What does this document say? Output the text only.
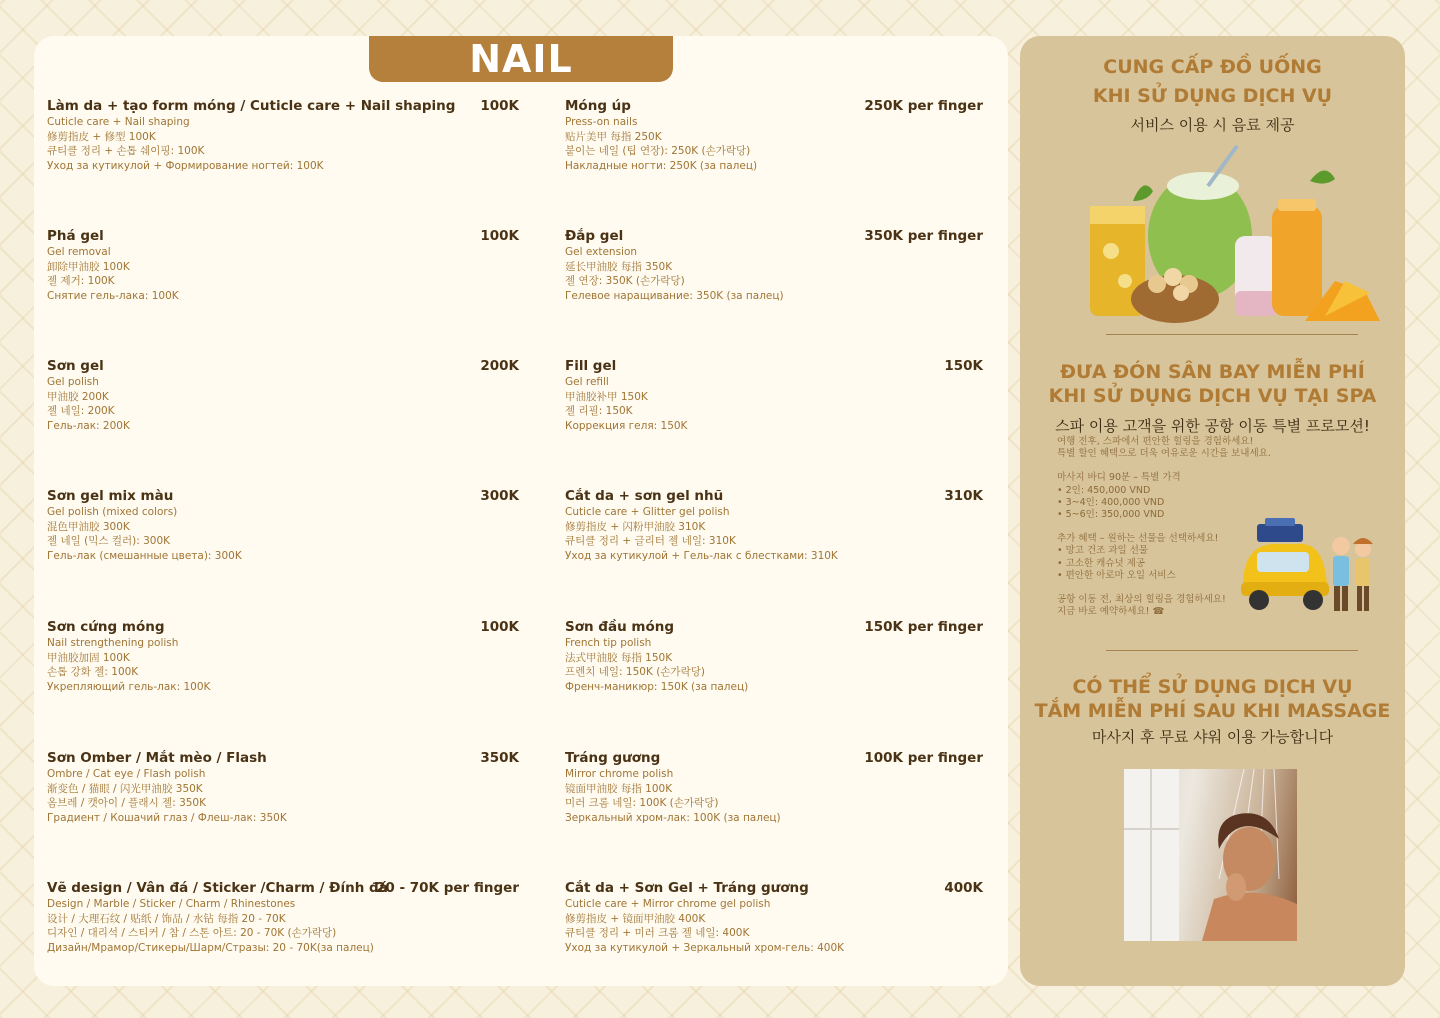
NAIL
Làm da + tạo form móng / Cuticle care + Nail shaping 100K
Cuticle care + Nail shaping
修剪指皮 + 修型 100K
큐티클 정리 + 손톱 쉐이핑: 100K
Уход за кутикулой + Формирование ногтей: 100K
Phá gel	100K
Gel removal
卸除甲油胶 100K
젤 제거: 100K
Снятие гель-лака: 100K
Sơn gel	200K
Gel polish
甲油胶 200K
젤 네일: 200K
Гель-лак: 200K
Sơn gel mix màu	300K
Gel polish (mixed colors)
混色甲油胶 300K
젤 네일 (믹스 컬러): 300K
Гель-лак (смешанные цвета): 300K
Sơn cứng móng	100K
Nail strengthening polish
甲油胶加固 100K
손톱 강화 젤: 100K
Укрепляющий гель-лак: 100K
Sơn Omber / Mắt mèo / Flash	350K
Ombre / Cat eye / Flash polish
渐变色 / 猫眼 / 闪光甲油胶 350K
옴브레 / 캣아이 / 플래시 젤: 350K
Градиент / Кошачий глаз / Флеш-лак: 350K
Vẽ design / Vân đá / Sticker /Charm / Đính đá
20 - 70K per finger
Design / Marble / Sticker / Charm / Rhinestones
设计 / 大理石纹 / 贴纸 / 饰品 / 水钻 每指 20 - 70K
디자인 / 대리석 / 스티커 / 참 / 스톤 아트: 20 - 70K (손가락당)
Дизайн/Мрамор/Стикеры/Шарм/Стразы: 20 - 70K(за палец)
Móng úp	250K per finger
Press-on nails
贴片美甲 每指 250K
붙이는 네일 (팁 연장): 250K (손가락당)
Накладные ногти: 250K (за палец)
Đắp gel	350K per finger
Gel extension
延长甲油胶 每指 350K
젤 연장: 350K (손가락당)
Гелевое наращивание: 350K (за палец)
Fill gel	150K
Gel refill
甲油胶补甲 150K
젤 리필: 150K
Коррекция геля: 150K
Cắt da + sơn gel nhũ	310K
Cuticle care + Glitter gel polish
修剪指皮 + 闪粉甲油胶 310K
큐티클 정리 + 글리터 젤 네일: 310K
Уход за кутикулой + Гель-лак с блестками: 310K
Sơn đầu móng	150K per finger
French tip polish
法式甲油胶 每指 150K
프렌치 네일: 150K (손가락당)
Френч-маникюр: 150K (за палец)
Tráng gương	100K per finger
Mirror chrome polish
镜面甲油胶 每指 100K
미러 크롬 네일: 100K (손가락당)
Зеркальный хром-лак: 100K (за палец)
Cắt da + Sơn Gel + Tráng gương	400K
Cuticle care + Mirror chrome gel polish
修剪指皮 + 镜面甲油胶 400K
큐티클 정리 + 미러 크롬 젤 네일: 400K
Уход за кутикулой + Зеркальный хром-гель: 400K
CUNG CẤP ĐỒ UỐNG
KHI SỬ DỤNG DỊCH VỤ
서비스 이용 시 음료 제공
ĐƯA ĐÓN SÂN BAY MIỄN PHÍ
KHI SỬ DỤNG DỊCH VỤ TẠI SPA
스파 이용 고객을 위한 공항 이동 특별 프로모션!
여행 전후, 스파에서 편안한 힐링을 경험하세요!
특별 할인 혜택으로 더욱 여유로운 시간을 보내세요.
마사지 바디 90분 – 특별 가격
• 2인: 450,000 VND
• 3~4인: 400,000 VND
• 5~6인: 350,000 VND
추가 혜택 – 원하는 선물을 선택하세요!
• 망고 건조 과일 선물
• 고소한 캐슈넛 제공
• 편안한 아로마 오일 서비스
공항 이동 전, 최상의 힐링을 경험하세요!
지금 바로 예약하세요! ☎
CÓ THỂ SỬ DỤNG DỊCH VỤ
TẮM MIỄN PHÍ SAU KHI MASSAGE
마사지 후 무료 샤워 이용 가능합니다
